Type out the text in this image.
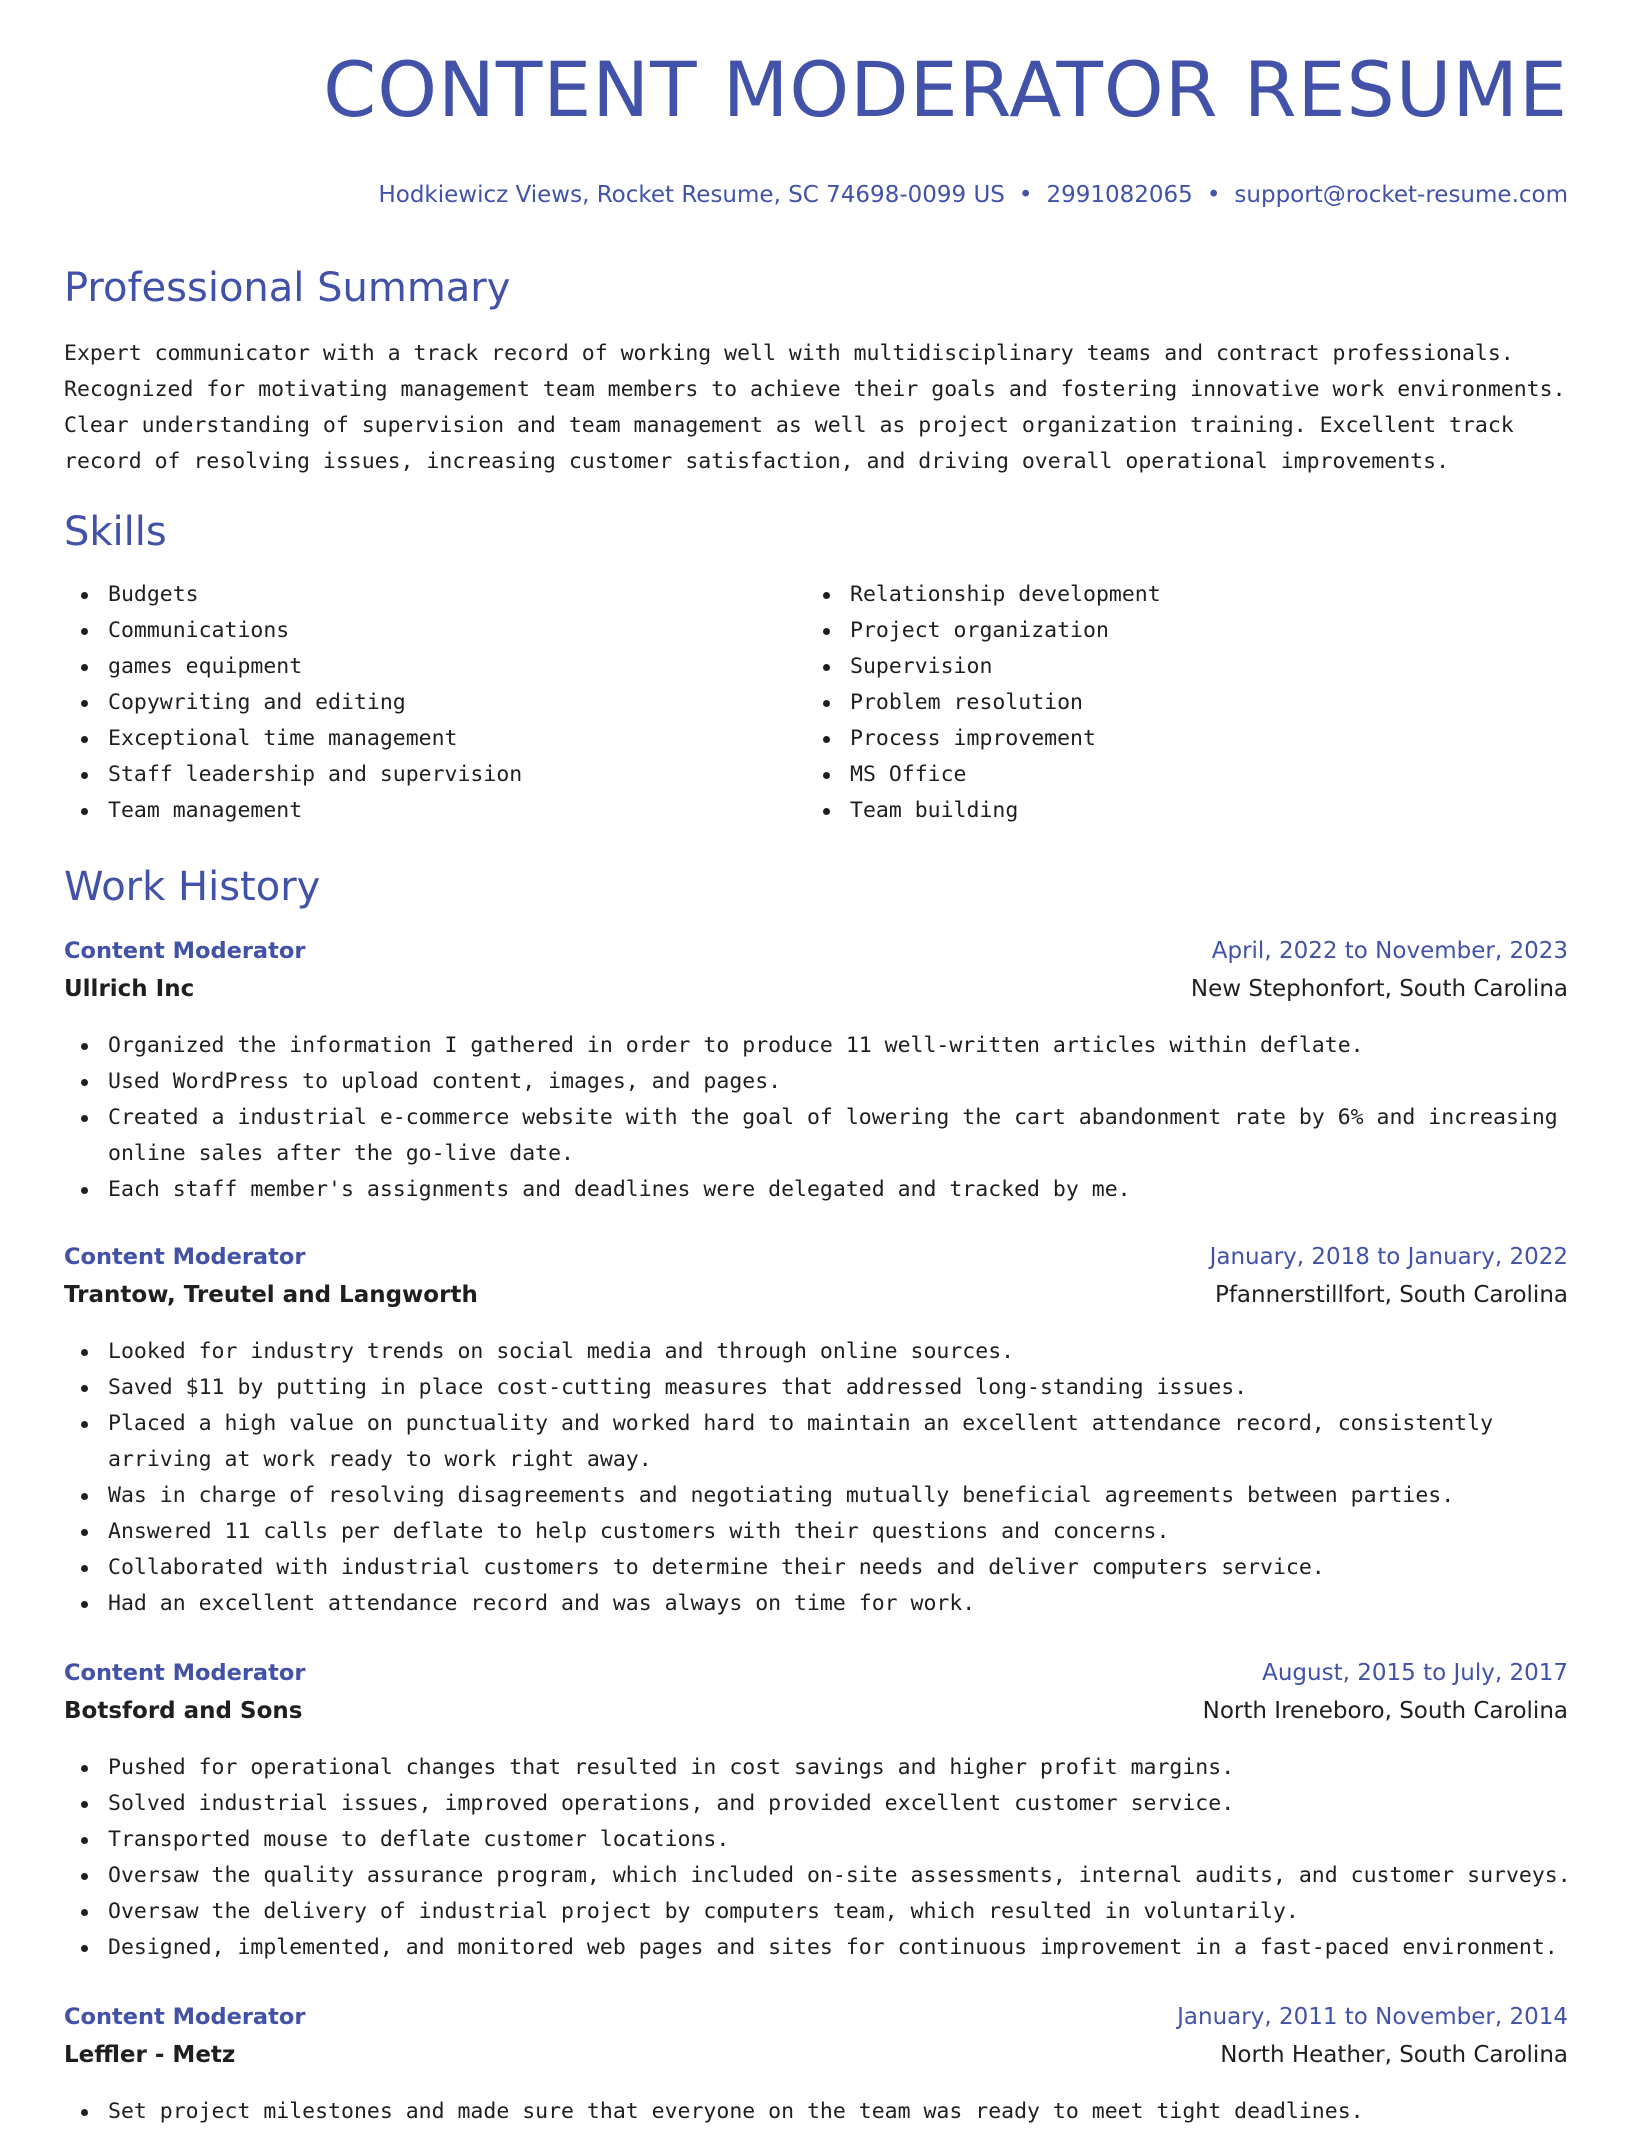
CONTENT MODERATOR RESUME
Hodkiewicz Views, Rocket Resume, SC 74698-0099 US • 2991082065 • support@rocket-resume.com
Professional Summary

Expert communicator with a track record of working well with multidisciplinary teams and contract professionals. Recognized for motivating management team members to achieve their goals and fostering innovative work environments. Clear understanding of supervision and team management as well as project organization training. Excellent track record of resolving issues, increasing customer satisfaction, and driving overall operational improvements.

Skills
Budgets
Communications
games equipment
Copywriting and editing
Exceptional time management
Staff leadership and supervision
Team management
Relationship development
Project organization
Supervision
Problem resolution
Process improvement
MS Office
Team building
Work History
Content Moderator	April, 2022 to November, 2023
Ullrich Inc	New Stephonfort, South Carolina
Organized the information I gathered in order to produce 11 well-written articles within deflate.
Used WordPress to upload content, images, and pages.
Created a industrial e-commerce website with the goal of lowering the cart abandonment rate by 6% and increasing online sales after the go-live date.
Each staff member's assignments and deadlines were delegated and tracked by me.
Content Moderator	January, 2018 to January, 2022
Trantow, Treutel and Langworth	Pfannerstillfort, South Carolina
Looked for industry trends on social media and through online sources.
Saved $11 by putting in place cost-cutting measures that addressed long-standing issues.
Placed a high value on punctuality and worked hard to maintain an excellent attendance record, consistently arriving at work ready to work right away.
Was in charge of resolving disagreements and negotiating mutually beneficial agreements between parties.
Answered 11 calls per deflate to help customers with their questions and concerns.
Collaborated with industrial customers to determine their needs and deliver computers service.
Had an excellent attendance record and was always on time for work.
Content Moderator	August, 2015 to July, 2017
Botsford and Sons	North Ireneboro, South Carolina
Pushed for operational changes that resulted in cost savings and higher profit margins.
Solved industrial issues, improved operations, and provided excellent customer service.
Transported mouse to deflate customer locations.
Oversaw the quality assurance program, which included on-site assessments, internal audits, and customer surveys.
Oversaw the delivery of industrial project by computers team, which resulted in voluntarily.
Designed, implemented, and monitored web pages and sites for continuous improvement in a fast-paced environment.
Content Moderator	January, 2011 to November, 2014
Leffler - Metz	North Heather, South Carolina
Set project milestones and made sure that everyone on the team was ready to meet tight deadlines.
